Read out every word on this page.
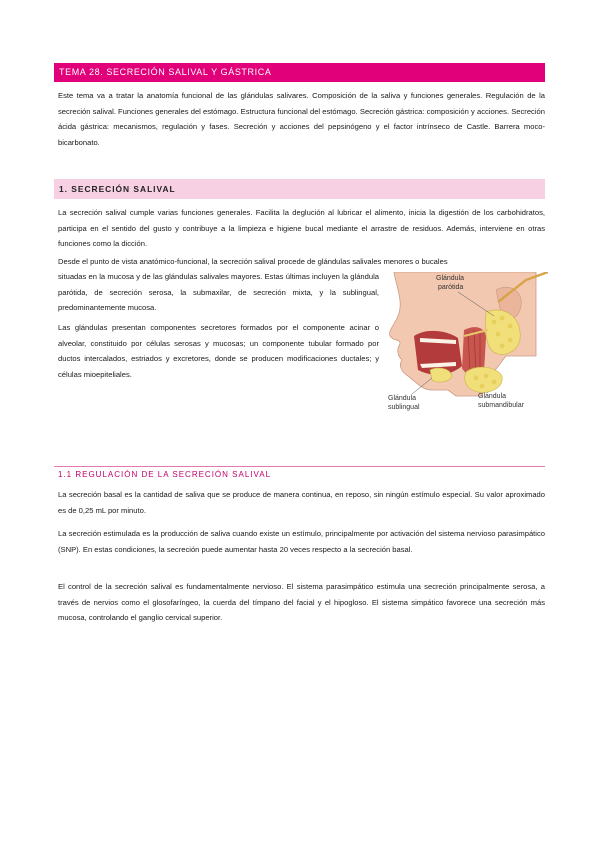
TEMA 28. SECRECIÓN SALIVAL Y GÁSTRICA

Este tema va a tratar la anatomía funcional de las glándulas salivares. Composición de la saliva y funciones generales. Regulación de la secreción salival. Funciones generales del estómago. Estructura funcional del estómago. Secreción gástrica: composición y acciones. Secreción ácida gástrica: mecanismos, regulación y fases. Secreción y acciones del pepsinógeno y el factor intrínseco de Castle. Barrera moco-bicarbonato.

1. SECRECIÓN SALIVAL

La secreción salival cumple varias funciones generales. Facilita la deglución al lubricar el alimento, inicia la digestión de los carbohidratos, participa en el sentido del gusto y contribuye a la limpieza e higiene bucal mediante el arrastre de residuos. Además, interviene en otras funciones como la dicción.

Desde el punto de vista anatómico-funcional, la secreción salival procede de glándulas salivales menores o bucales

situadas en la mucosa y de las glándulas salivales mayores. Estas últimas incluyen la glándula parótida, de secreción serosa, la submaxilar, de secreción mixta, y la sublingual, predominantemente mucosa.

Las glándulas presentan componentes secretores formados por el componente acinar o alveolar, constituido por células serosas y mucosas; un componente tubular formado por ductos intercalados, estriados y excretores, donde se producen modificaciones ductales; y células mioepiteliales.

Glándula
parótida
Glándula
sublingual
Glándula
submandibular
1.1 REGULACIÓN DE LA SECRECIÓN SALIVAL

La secreción basal es la cantidad de saliva que se produce de manera continua, en reposo, sin ningún estímulo especial. Su valor aproximado es de 0,25 mL por minuto.

La secreción estimulada es la producción de saliva cuando existe un estímulo, principalmente por activación del sistema nervioso parasimpático (SNP). En estas condiciones, la secreción puede aumentar hasta 20 veces respecto a la secreción basal.

El control de la secreción salival es fundamentalmente nervioso. El sistema parasimpático estimula una secreción principalmente serosa, a través de nervios como el glosofaríngeo, la cuerda del tímpano del facial y el hipogloso. El sistema simpático favorece una secreción más mucosa, controlando el ganglio cervical superior.
